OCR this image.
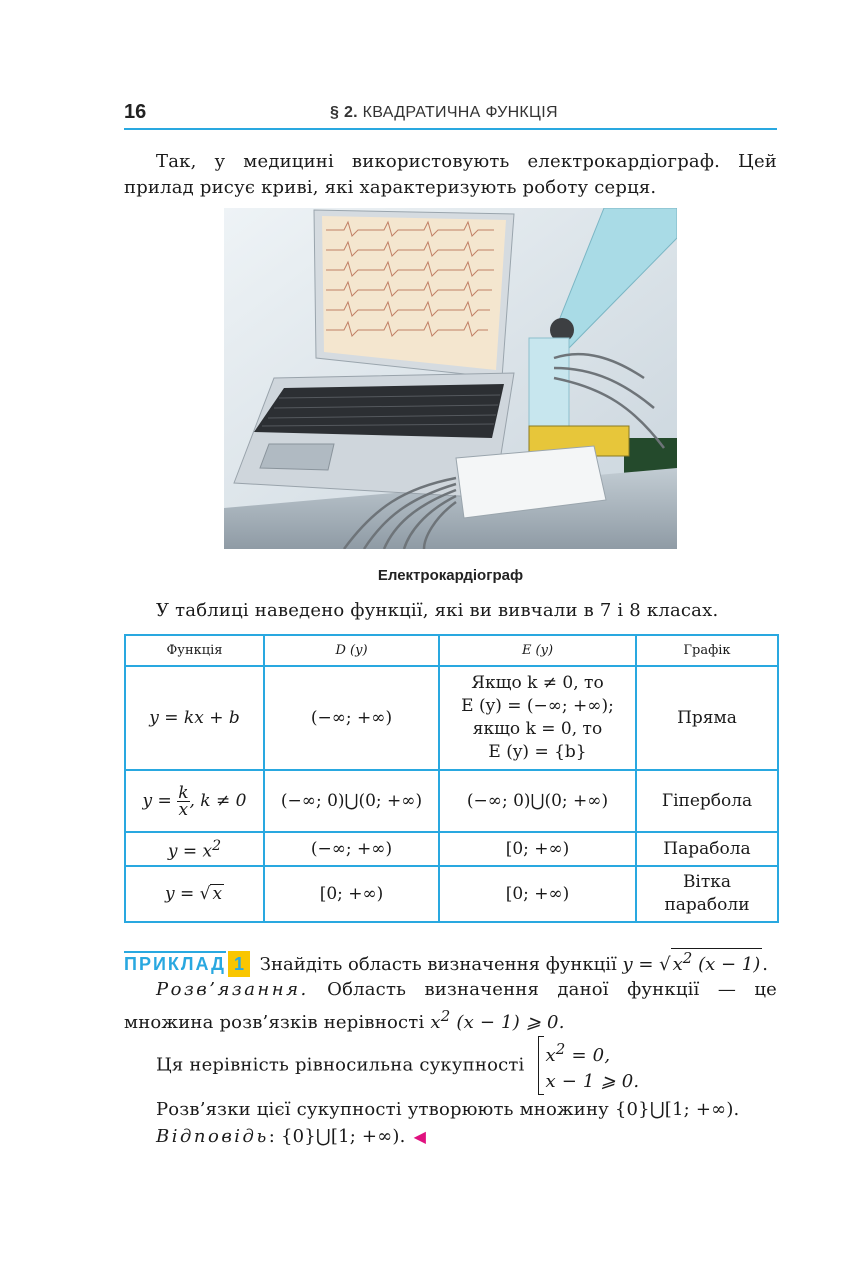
16	§ 2. КВАДРАТИЧНА ФУНКЦІЯ
Так, у медицині використовують електрокардіограф. Цей прилад рисує криві, які характеризують роботу серця.
Електрокардіограф
У таблиці наведено функції, які ви вивчали в 7 і 8 класах.
Функція	D (y)	E (y)	Графік
y = kx + b	(−∞; +∞)	Якщо k ≠ 0, то
E (y) = (−∞; +∞);
якщо k = 0, то
E (y) = {b}	Пряма
$y = \frac{k}{x}$ , k ≠ 0	(−∞; 0)⋃(0; +∞)	(−∞; 0)⋃(0; +∞)	Гіпербола
$y = x^2$	(−∞; +∞)	[0; +∞)	Парабола
y = √ x	[0; +∞)	[0; +∞)	Вітка
параболи
ПРИКЛАД 1 Знайдіть область визначення функції y = √ $x^2$ (x − 1) .
Розв’язання. Область визначення даної функції — це множина розв’язків нерівності $x^2$ (x − 1) ⩾ 0.
Ця нерівність рівносильна сукупності $x^2 = 0$,
x − 1 ⩾ 0.
Розв’язки цієї сукупності утворюють множину {0}⋃[1; +∞).
Відповідь: {0}⋃[1; +∞). ◀
